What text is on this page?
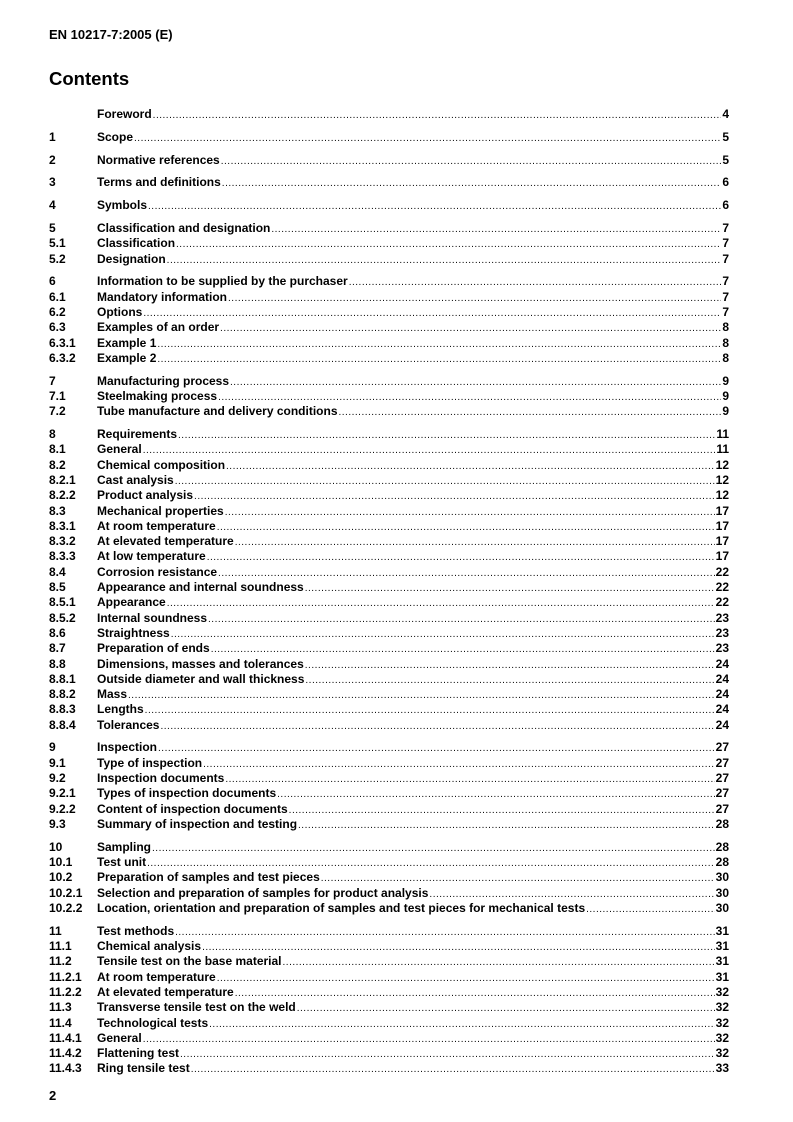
EN 10217-7:2005 (E)
Contents
Foreword .....	4
1	Scope .....	5
2	Normative references .....	5
3	Terms and definitions .....	6
4	Symbols .....	6
5	Classification and designation .....	7
5.1	Classification .....	7
5.2	Designation .....	7
6	Information to be supplied by the purchaser .....	7
6.1	Mandatory information .....	7
6.2	Options .....	7
6.3	Examples of an order .....	8
6.3.1	Example 1 .....	8
6.3.2	Example 2 .....	8
7	Manufacturing process .....	9
7.1	Steelmaking process .....	9
7.2	Tube manufacture and delivery conditions .....	9
8	Requirements .....	11
8.1	General .....	11
8.2	Chemical composition .....	12
8.2.1	Cast analysis .....	12
8.2.2	Product analysis .....	12
8.3	Mechanical properties .....	17
8.3.1	At room temperature .....	17
8.3.2	At elevated temperature .....	17
8.3.3	At low temperature .....	17
8.4	Corrosion resistance .....	22
8.5	Appearance and internal soundness .....	22
8.5.1	Appearance .....	22
8.5.2	Internal soundness .....	23
8.6	Straightness .....	23
8.7	Preparation of ends .....	23
8.8	Dimensions, masses and tolerances .....	24
8.8.1	Outside diameter and wall thickness .....	24
8.8.2	Mass .....	24
8.8.3	Lengths .....	24
8.8.4	Tolerances .....	24
9	Inspection .....	27
9.1	Type of inspection .....	27
9.2	Inspection documents .....	27
9.2.1	Types of inspection documents .....	27
9.2.2	Content of inspection documents .....	27
9.3	Summary of inspection and testing .....	28
10	Sampling .....	28
10.1	Test unit .....	28
10.2	Preparation of samples and test pieces .....	30
10.2.1	Selection and preparation of samples for product analysis .....	30
10.2.2	Location, orientation and preparation of samples and test pieces for mechanical tests .....	30
11	Test methods .....	31
11.1	Chemical analysis .....	31
11.2	Tensile test on the base material .....	31
11.2.1	At room temperature .....	31
11.2.2	At elevated temperature .....	32
11.3	Transverse tensile test on the weld .....	32
11.4	Technological tests .....	32
11.4.1	General .....	32
11.4.2	Flattening test .....	32
11.4.3	Ring tensile test .....	33
2
